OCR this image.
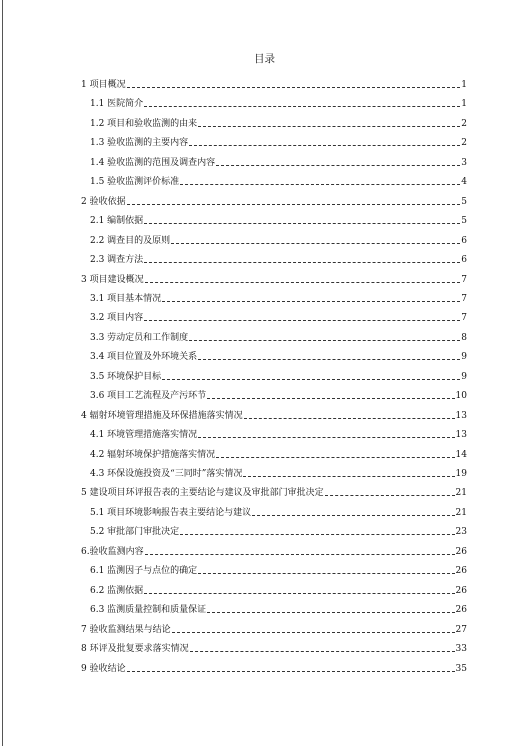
目录
1 项目概况	1
1.1 医院简介	1
1.2 项目和验收监测的由来	2
1.3 验收监测的主要内容	2
1.4 验收监测的范围及调查内容	3
1.5 验收监测评价标准	4
2 验收依据	5
2.1 编制依据	5
2.2 调查目的及原则	6
2.3 调查方法	6
3 项目建设概况	7
3.1 项目基本情况	7
3.2 项目内容	7
3.3 劳动定员和工作制度	8
3.4 项目位置及外环境关系	9
3.5 环境保护目标	9
3.6 项目工艺流程及产污环节	10
4 辐射环境管理措施及环保措施落实情况	13
4.1 环境管理措施落实情况	13
4.2 辐射环境保护措施落实情况	14
4.3 环保设施投资及“三同时”落实情况	19
5 建设项目环评报告表的主要结论与建议及审批部门审批决定	21
5.1 项目环境影响报告表主要结论与建议	21
5.2 审批部门审批决定	23
6.验收监测内容	26
6.1 监测因子与点位的确定	26
6.2 监测依据	26
6.3 监测质量控制和质量保证	26
7 验收监测结果与结论	27
8 环评及批复要求落实情况	33
9 验收结论	35
